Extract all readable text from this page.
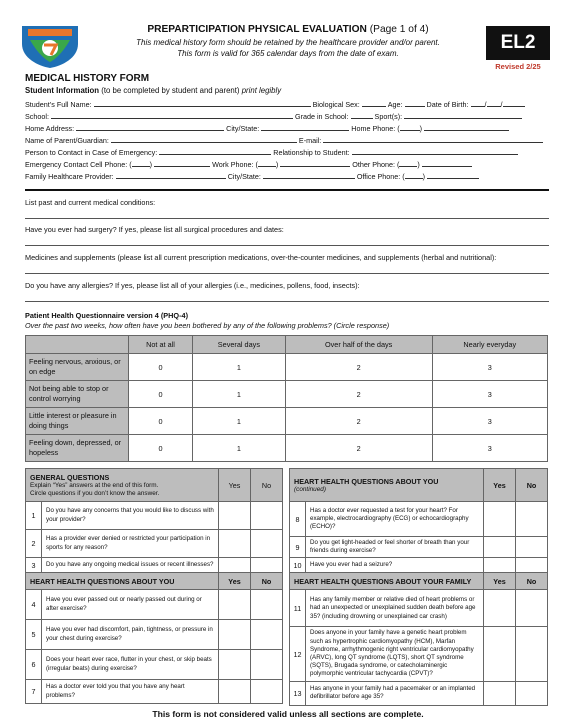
PREPARTICIPATION PHYSICAL EVALUATION (Page 1 of 4)
This medical history form should be retained by the healthcare provider and/or parent.
This form is valid for 365 calendar days from the date of exam.
EL2
Revised 2/25
MEDICAL HISTORY FORM
Student Information (to be completed by student and parent) print legibly
Student’s Full Name:	Biological Sex:	Age:	Date of Birth: / /
School:	Grade in School:	Sport(s):
Home Address:	City/State:	Home Phone: (	)
Name of Parent/Guardian:	E-mail:
Person to Contact in Case of Emergency:	Relationship to Student:
Emergency Contact Cell Phone: (	)	Work Phone: (	)	Other Phone: (	)
Family Healthcare Provider:	City/State:	Office Phone: (	)
List past and current medical conditions:
Have you ever had surgery? If yes, please list all surgical procedures and dates:
Medicines and supplements (please list all current prescription medications, over-the-counter medicines, and supplements (herbal and nutritional):
Do you have any allergies? If yes, please list all of your allergies (i.e., medicines, pollens, food, insects):
Patient Health Questionnaire version 4 (PHQ-4)
Over the past two weeks, how often have you been bothered by any of the following problems? (Circle response)
	Not at all	Several days	Over half of the days	Nearly everyday
Feeling nervous, anxious, or on edge	0	1	2	3
Not being able to stop or control worrying	0	1	2	3
Little interest or pleasure in doing things	0	1	2	3
Feeling down, depressed, or hopeless	0	1	2	3
GENERAL QUESTIONS
Explain “Yes” answers at the end of this form.
Circle questions if you don’t know the answer.		Yes	No
1	Do you have any concerns that you would like to discuss with your provider?		
2	Has a provider ever denied or restricted your participation in sports for any reason?		
3	Do you have any ongoing medical issues or recent illnesses?		
HEART HEALTH QUESTIONS ABOUT YOU		Yes	No
4	Have you ever passed out or nearly passed out during or after exercise?		
5	Have you ever had discomfort, pain, tightness, or pressure in your chest during exercise?		
6	Does your heart ever race, flutter in your chest, or skip beats (irregular beats) during exercise?		
7	Has a doctor ever told you that you have any heart problems?		
HEART HEALTH QUESTIONS ABOUT YOU
(continued)		Yes	No
8	Has a doctor ever requested a test for your heart? For example, electrocardiography (ECG) or echocardiography (ECHO)?		
9	Do you get light-headed or feel shorter of breath than your friends during exercise?		
10	Have you ever had a seizure?		
HEART HEALTH QUESTIONS ABOUT YOUR FAMILY		Yes	No
11	Has any family member or relative died of heart problems or had an unexpected or unexplained sudden death before age 35? (including drowning or unexplained car crash)		
12	Does anyone in your family have a genetic heart problem such as hypertrophic cardiomyopathy (HCM), Marfan Syndrome, arrhythmogenic right ventricular cardiomyopathy (ARVC), long QT syndrome (LQTS), short QT syndrome (SQTS), Brugada syndrome, or catecholaminergic polymorphic ventricular tachycardia (CPVT)?		
13	Has anyone in your family had a pacemaker or an implanted defibrillator before age 35?		
This form is not considered valid unless all sections are complete.
